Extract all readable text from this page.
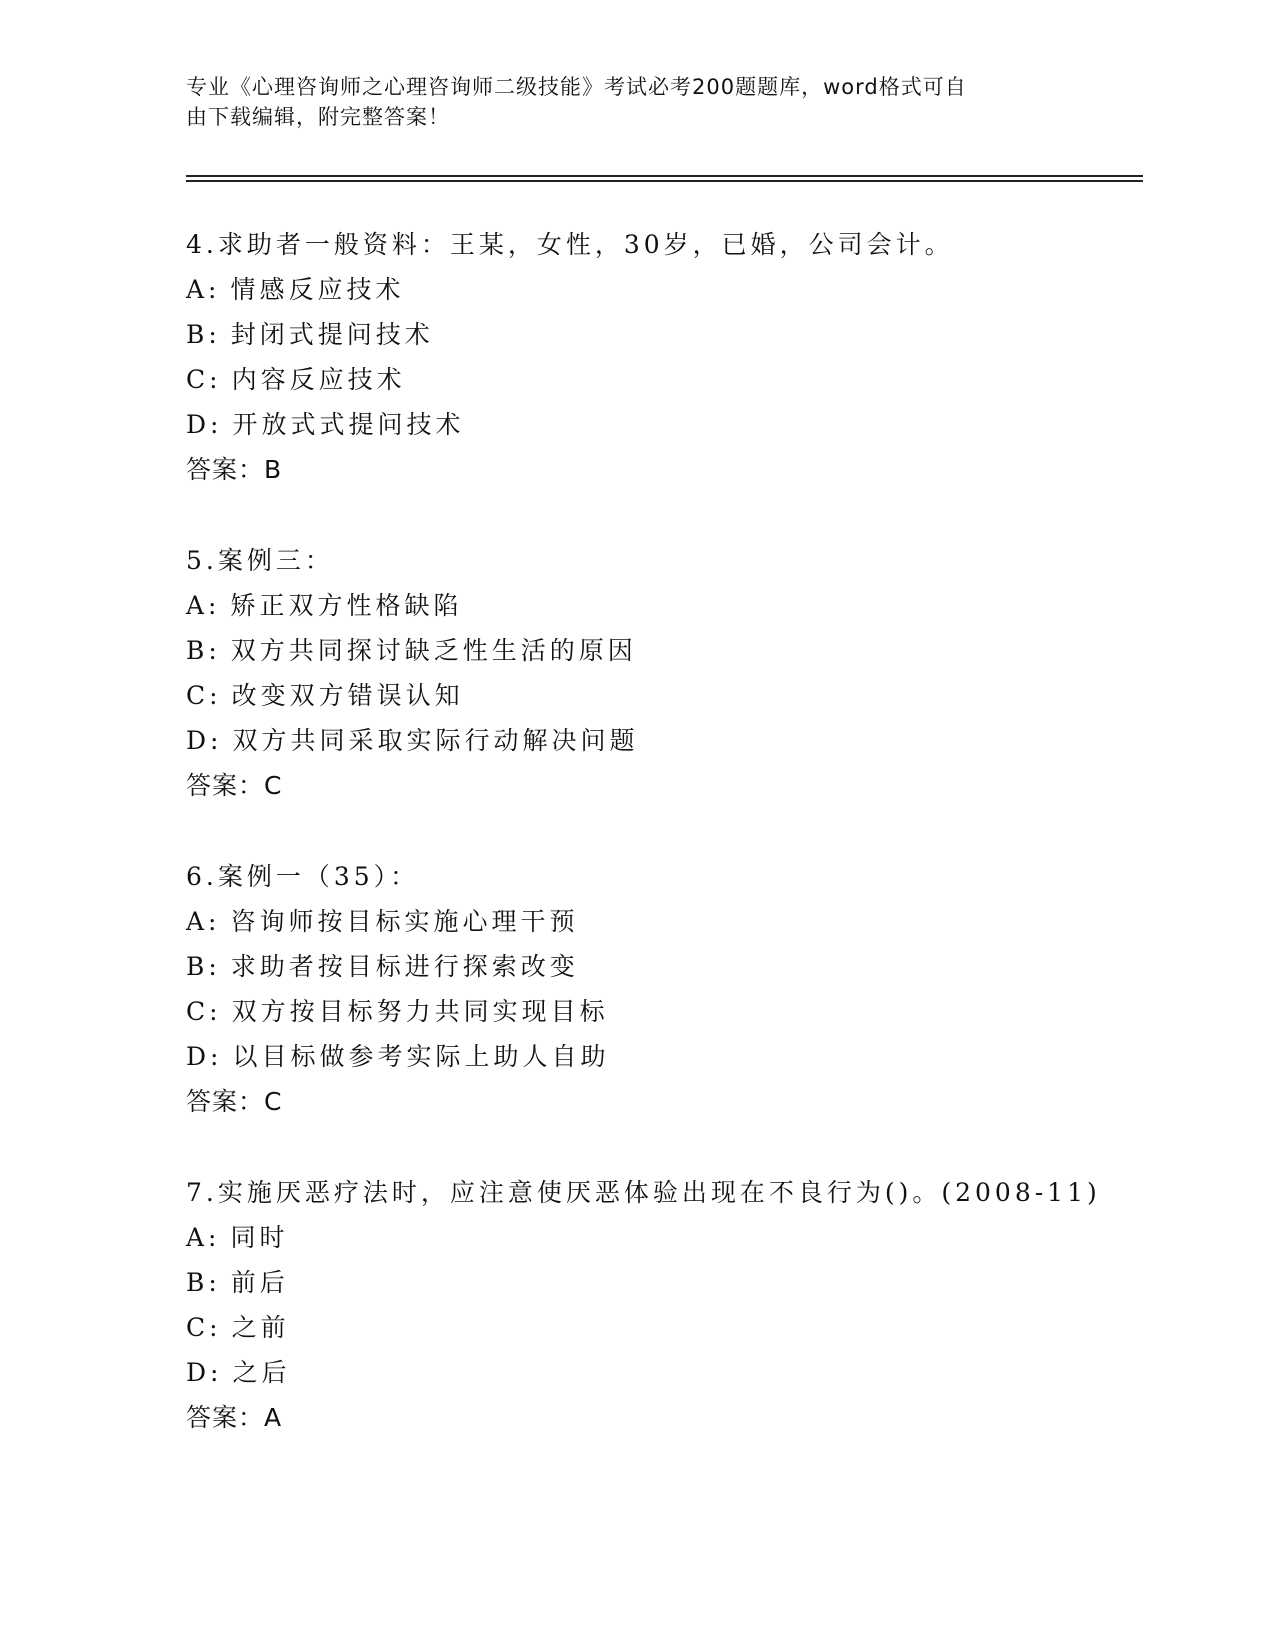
专业《心理咨询师之心理咨询师二级技能》考试必考200题题库，word格式可自
由下载编辑，附完整答案！
4.求助者一般资料：王某，女性，30岁，已婚，公司会计。
A: 情感反应技术
B: 封闭式提问技术
C: 内容反应技术
D: 开放式式提问技术
答案：B
5.案例三：
A: 矫正双方性格缺陷
B: 双方共同探讨缺乏性生活的原因
C: 改变双方错误认知
D: 双方共同采取实际行动解决问题
答案：C
6.案例一（35）：
A: 咨询师按目标实施心理干预
B: 求助者按目标进行探索改变
C: 双方按目标努力共同实现目标
D: 以目标做参考实际上助人自助
答案：C
7.实施厌恶疗法时，应注意使厌恶体验出现在不良行为()。(2008-11)
A: 同时
B: 前后
C: 之前
D: 之后
答案：A
